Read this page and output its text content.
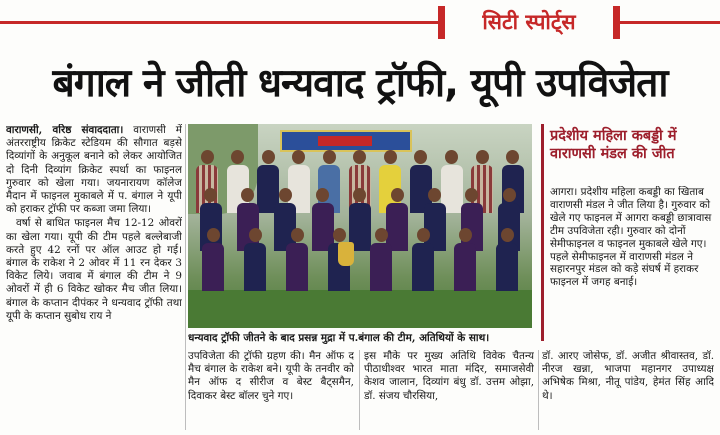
सिटी स्पोर्ट्स
बंगाल ने जीती धन्यवाद ट्रॉफी, यूपी उपविजेता

वाराणसी, वरिष्ठ संवाददाता। वाराणसी में अंतरराष्ट्रीय क्रिकेट स्टेडियम की सौगात बड़से दिव्यांगों के अनुकूल बनाने को लेकर आयोजित दो दिनी दिव्यांग क्रिकेट स्पर्धा का फाइनल गुरुवार को खेला गया। जयनारायण कॉलेज मैदान में फाइनल मुकाबले में प. बंगाल ने यूपी को हराकर ट्रॉफी पर कब्जा जमा लिया।

वर्षा से बाधित फाइनल मैच 12-12 ओवरों का खेला गया। यूपी की टीम पहले बल्लेबाजी करते हुए 42 रनों पर ऑल आउट हो गई। बंगाल के राकेश ने 2 ओवर में 11 रन देकर 3 विकेट लिये। जवाब में बंगाल की टीम ने 9 ओवरों में ही 6 विकेट खोकर मैच जीत लिया। बंगाल के कप्तान दीपंकर ने धन्यवाद ट्रॉफी तथा यूपी के कप्तान सुबोध राय ने

धन्यवाद ट्रॉफी जीतने के बाद प्रसन्न मुद्रा में प.बंगाल की टीम, अतिथियों के साथ।

उपविजेता की ट्रॉफी ग्रहण की। मैन ऑफ द मैच बंगाल के राकेश बने। यूपी के तनवीर को मैन ऑफ द सीरीज व बेस्ट बैट्समैन, दिवाकर बेस्ट बॉलर चुने गए।

इस मौके पर मुख्य अतिथि विवेक चैतन्य पीठाधीश्वर भारत माता मंदिर, समाजसेवी केशव जालान, दिव्यांग बंधु डॉ. उत्तम ओझा, डॉ. संजय चौरसिया,

डॉ. आरए जोसेफ, डॉ. अजीत श्रीवास्तव, डॉ. नीरज खन्ना, भाजपा महानगर उपाध्यक्ष अभिषेक मिश्रा, नीतू पांडेय, हेमंत सिंह आदि थे।

प्रदेशीय महिला कबड्डी में वाराणसी मंडल की जीत
आगरा। प्रदेशीय महिला कबड्डी का खिताब वाराणसी मंडल ने जीत लिया है। गुरुवार को खेले गए फाइनल में आगरा कबड्डी छात्रावास टीम उपविजेता रही। गुरुवार को दोनों सेमीफाइनल व फाइनल मुकाबले खेले गए। पहले सेमीफाइनल में वाराणसी मंडल ने सहारनपुर मंडल को कड़े संघर्ष में हराकर फाइनल में जगह बनाई।
